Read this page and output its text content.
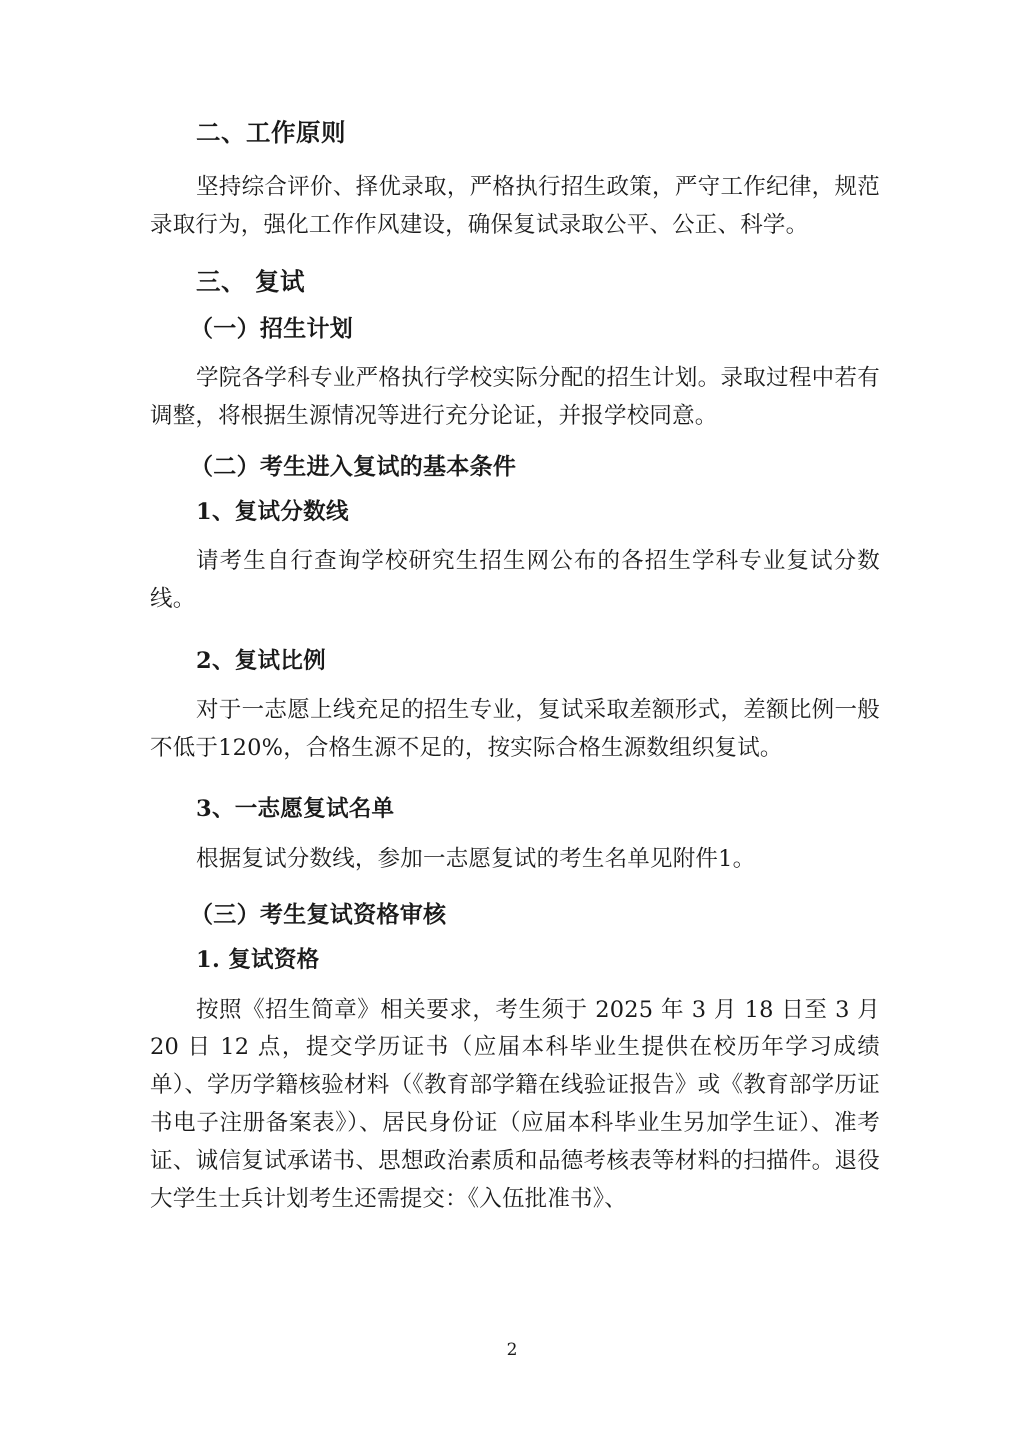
二、工作原则

坚持综合评价、择优录取，严格执行招生政策，严守工作纪律，规范录取行为，强化工作作风建设，确保复试录取公平、公正、科学。

三、 复试
（一）招生计划

学院各学科专业严格执行学校实际分配的招生计划。录取过程中若有调整，将根据生源情况等进行充分论证，并报学校同意。

（二）考生进入复试的基本条件
1、复试分数线

请考生自行查询学校研究生招生网公布的各招生学科专业复试分数线。

2、复试比例

对于一志愿上线充足的招生专业，复试采取差额形式，差额比例一般不低于120%，合格生源不足的，按实际合格生源数组织复试。

3、一志愿复试名单

根据复试分数线，参加一志愿复试的考生名单见附件1。

（三）考生复试资格审核
1. 复试资格

按照《招生简章》相关要求，考生须于 2025 年 3 月 18 日至 3 月 20 日 12 点，提交学历证书（应届本科毕业生提供在校历年学习成绩单）、学历学籍核验材料（《教育部学籍在线验证报告》或《教育部学历证书电子注册备案表》）、居民身份证（应届本科毕业生另加学生证）、准考证、诚信复试承诺书、思想政治素质和品德考核表等材料的扫描件。退役大学生士兵计划考生还需提交：《入伍批准书》、

2
